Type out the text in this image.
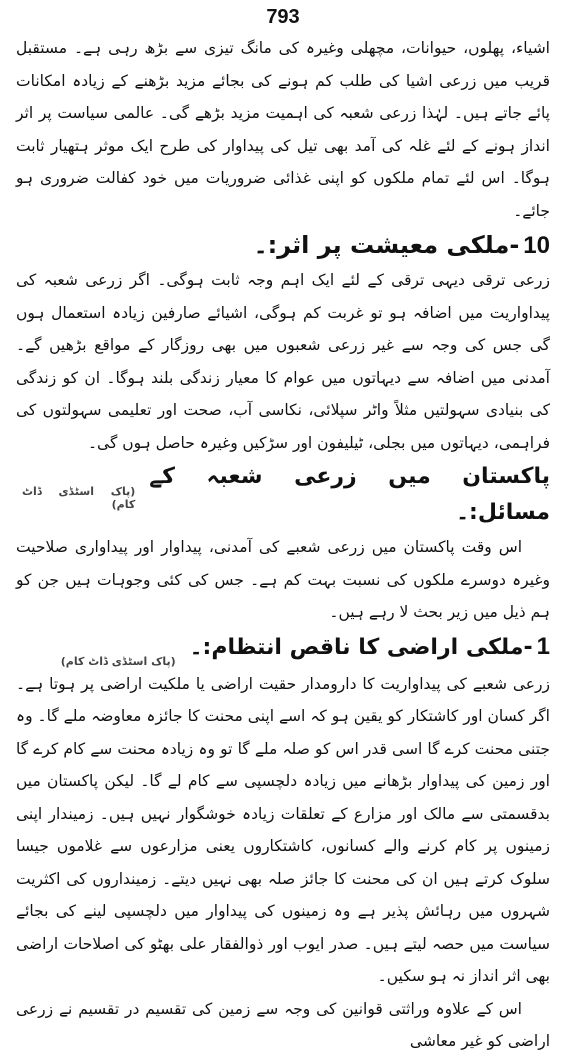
793

اشیاء، پھلوں، حیوانات، مچھلی وغیرہ کی مانگ تیزی سے بڑھ رہی ہے۔ مستقبل قریب میں زرعی اشیا کی طلب کم ہونے کی بجائے مزید بڑھنے کے زیادہ امکانات پائے جاتے ہیں۔ لہٰذا زرعی شعبہ کی اہمیت مزید بڑھے گی۔ عالمی سیاست پر اثر انداز ہونے کے لئے غلہ کی آمد بھی تیل کی پیداوار کی طرح ایک موثر ہتھیار ثابت ہوگا۔ اس لئے تمام ملکوں کو اپنی غذائی ضروریات میں خود کفالت ضروری ہو جائے۔

10-ملکی معیشت پر اثر:۔

زرعی ترقی دیہی ترقی کے لئے ایک اہم وجہ ثابت ہوگی۔ اگر زرعی شعبہ کی پیداواریت میں اضافہ ہو تو غربت کم ہوگی، اشیائے صارفین زیادہ استعمال ہوں گی جس کی وجہ سے غیر زرعی شعبوں میں بھی روزگار کے مواقع بڑھیں گے۔ آمدنی میں اضافہ سے دیہاتوں میں عوام کا معیار زندگی بلند ہوگا۔ ان کو زندگی کی بنیادی سہولتیں مثلاً واٹر سپلائی، نکاسی آب، صحت اور تعلیمی سہولتوں کی فراہمی، دیہاتوں میں بجلی، ٹیلیفون اور سڑکیں وغیرہ حاصل ہوں گی۔

پاکستان میں زرعی شعبہ کے مسائل:۔
(پاک اسٹڈی ڈاٹ کام)

اس وقت پاکستان میں زرعی شعبے کی آمدنی، پیداوار اور پیداواری صلاحیت وغیرہ دوسرے ملکوں کی نسبت بہت کم ہے۔ جس کی کئی وجوہات ہیں جن کو ہم ذیل میں زیر بحث لا رہے ہیں۔

1-ملکی اراضی کا ناقص انتظام:۔
(پاک اسٹڈی ڈاٹ کام)

زرعی شعبے کی پیداواریت کا دارومدار حقیت اراضی یا ملکیت اراضی پر ہوتا ہے۔ اگر کسان اور کاشتکار کو یقین ہو کہ اسے اپنی محنت کا جائزہ معاوضہ ملے گا۔ وہ جتنی محنت کرے گا اسی قدر اس کو صلہ ملے گا تو وہ زیادہ محنت سے کام کرے گا اور زمین کی پیداوار بڑھانے میں زیادہ دلچسپی سے کام لے گا۔ لیکن پاکستان میں بدقسمتی سے مالک اور مزارع کے تعلقات زیادہ خوشگوار نہیں ہیں۔ زمیندار اپنی زمینوں پر کام کرنے والے کسانوں، کاشتکاروں یعنی مزارعوں سے غلاموں جیسا سلوک کرتے ہیں ان کی محنت کا جائز صلہ بھی نہیں دیتے۔ زمینداروں کی اکثریت شہروں میں رہائش پذیر ہے وہ زمینوں کی پیداوار میں دلچسپی لینے کی بجائے سیاست میں حصہ لیتے ہیں۔ صدر ایوب اور ذوالفقار علی بھٹو کی اصلاحات اراضی بھی اثر انداز نہ ہو سکیں۔

اس کے علاوہ وراثتی قوانین کی وجہ سے زمین کی تقسیم در تقسیم نے زرعی اراضی کو غیر معاشی
